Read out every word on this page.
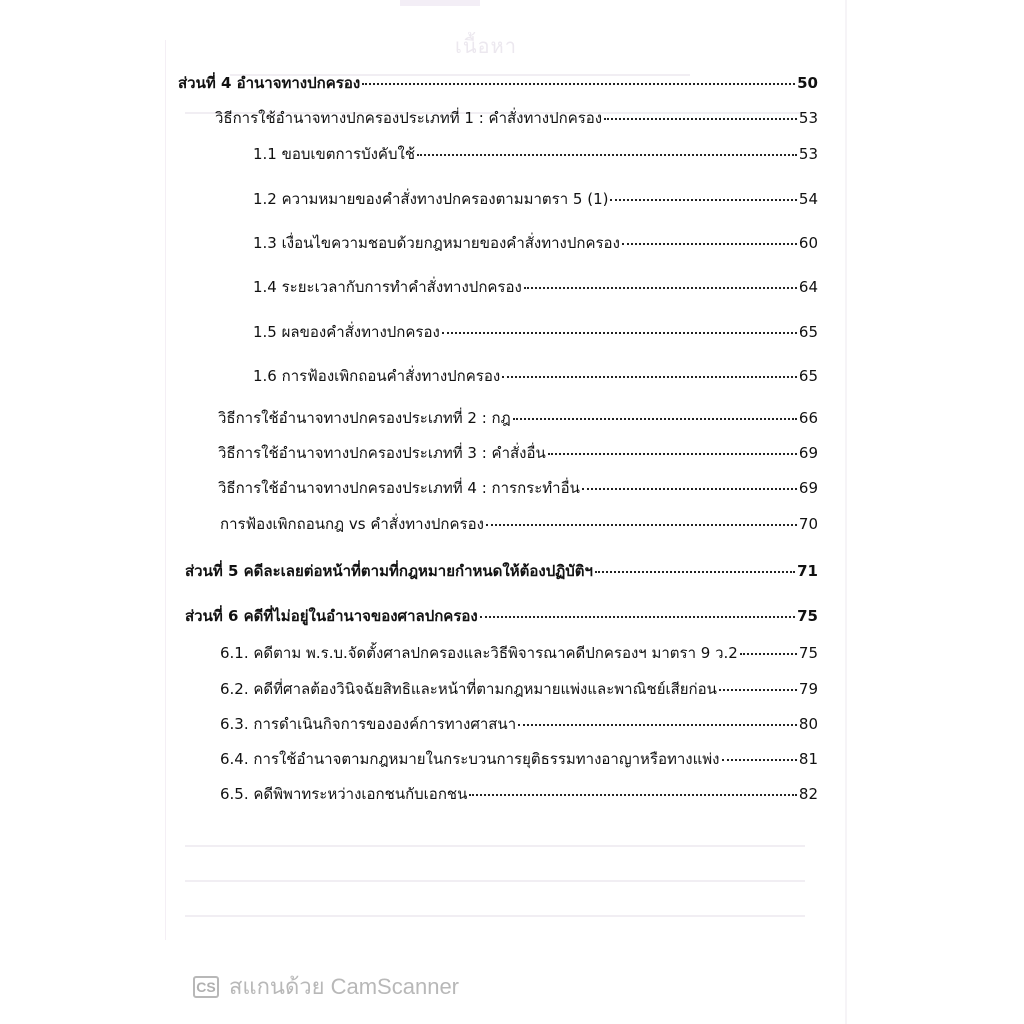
เนื้อหา
ส่วนที่ 4 อำนาจทางปกครอง	50
วิธีการใช้อำนาจทางปกครองประเภทที่ 1 : คำสั่งทางปกครอง	53
1.1 ขอบเขตการบังคับใช้	53
1.2 ความหมายของคำสั่งทางปกครองตามมาตรา 5 (1)	54
1.3 เงื่อนไขความชอบด้วยกฎหมายของคำสั่งทางปกครอง	60
1.4 ระยะเวลากับการทำคำสั่งทางปกครอง	64
1.5 ผลของคำสั่งทางปกครอง	65
1.6 การฟ้องเพิกถอนคำสั่งทางปกครอง	65
วิธีการใช้อำนาจทางปกครองประเภทที่ 2 : กฎ	66
วิธีการใช้อำนาจทางปกครองประเภทที่ 3 : คำสั่งอื่น	69
วิธีการใช้อำนาจทางปกครองประเภทที่ 4 : การกระทำอื่น	69
การฟ้องเพิกถอนกฎ vs คำสั่งทางปกครอง	70
ส่วนที่ 5 คดีละเลยต่อหน้าที่ตามที่กฎหมายกำหนดให้ต้องปฏิบัติฯ	71
ส่วนที่ 6 คดีที่ไม่อยู่ในอำนาจของศาลปกครอง	75
6.1. คดีตาม พ.ร.บ.จัดตั้งศาลปกครองและวิธีพิจารณาคดีปกครองฯ มาตรา 9 ว.2	75
6.2. คดีที่ศาลต้องวินิจฉัยสิทธิและหน้าที่ตามกฎหมายแพ่งและพาณิชย์เสียก่อน	79
6.3. การดำเนินกิจการขององค์การทางศาสนา	80
6.4. การใช้อำนาจตามกฎหมายในกระบวนการยุติธรรมทางอาญาหรือทางแพ่ง	81
6.5. คดีพิพาทระหว่างเอกชนกับเอกชน	82
CS สแกนด้วย CamScanner
